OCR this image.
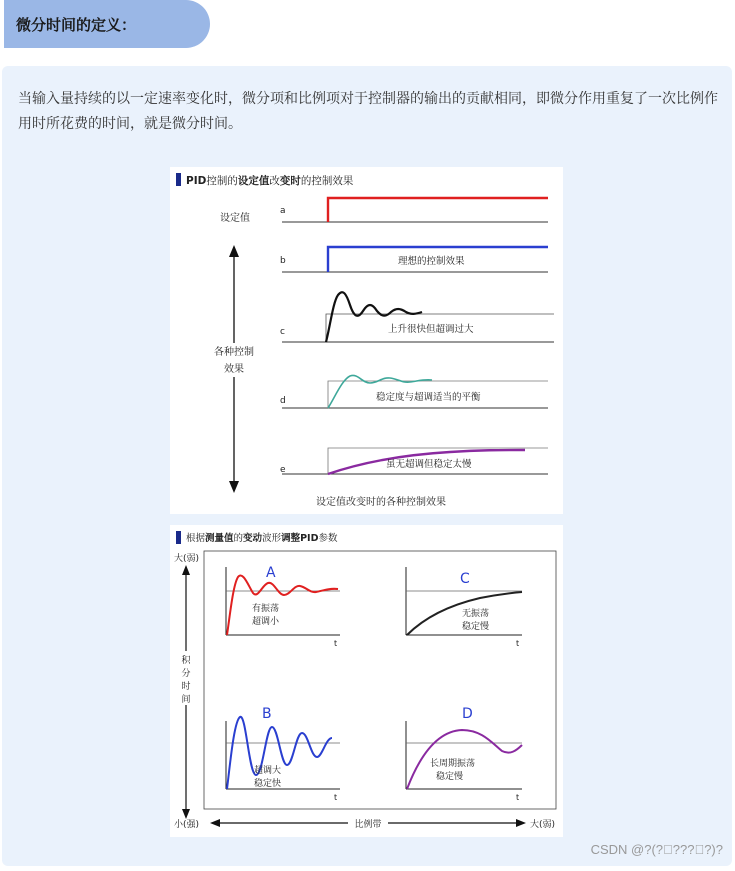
微分时间的定义：
当输入量持续的以一定速率变化时，微分项和比例项对于控制器的输出的贡献相同，即微分作用重复了一次比例作用时所花费的时间，就是微分时间。
PID控制的设定值改变时的控制效果
设定值
各种控制
效果
a
b	理想的控制效果
c	上升很快但超调过大
d	稳定度与超调适当的平衡
e	虽无超调但稳定太慢
设定值改变时的各种控制效果
根据测量值的变动波形调整PID参数
大(弱)
积
分
时
间
小(强)	比例带	大(弱)
A
有振荡
超调小
t
C
无振荡
稳定慢
t
B
超调大
稳定快
t
D
长周期振荡
稳定慢
t
CSDN @?(? ??? ?)?
